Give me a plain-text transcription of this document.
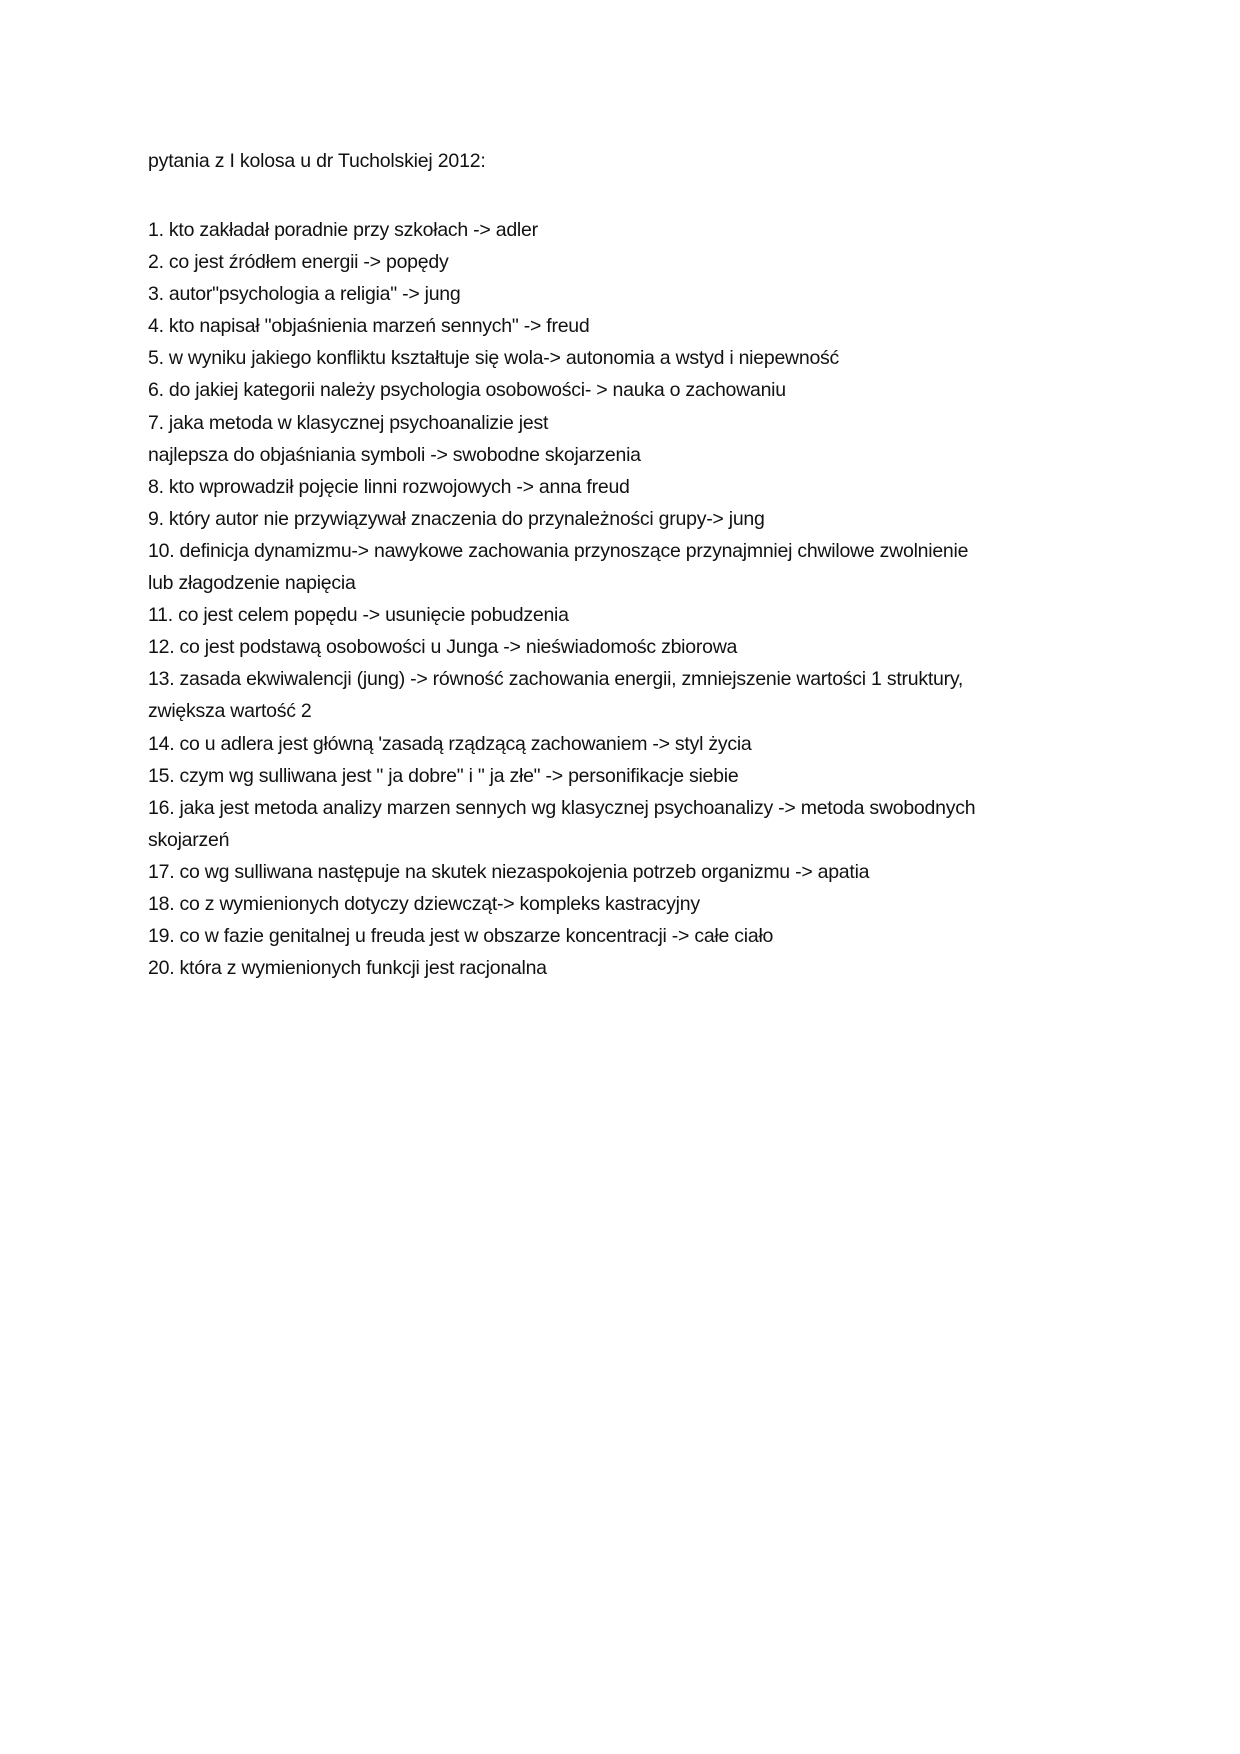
pytania z I kolosa u dr Tucholskiej 2012:
1. kto zakładał poradnie przy szkołach -> adler
2. co jest źródłem energii -> popędy
3. autor"psychologia a religia" -> jung
4. kto napisał "objaśnienia marzeń sennych" -> freud
5. w wyniku jakiego konfliktu kształtuje się wola-> autonomia a wstyd i niepewność
6. do jakiej kategorii należy psychologia osobowości- > nauka o zachowaniu
7. jaka metoda w klasycznej psychoanalizie jest
najlepsza do objaśniania symboli -> swobodne skojarzenia
8. kto wprowadził pojęcie linni rozwojowych -> anna freud
9. który autor nie przywiązywał znaczenia do przynależności grupy-> jung
10. definicja dynamizmu-> nawykowe zachowania przynoszące przynajmniej chwilowe zwolnienie
lub złagodzenie napięcia
11. co jest celem popędu -> usunięcie pobudzenia
12. co jest podstawą osobowości u Junga -> nieświadomośc zbiorowa
13. zasada ekwiwalencji (jung) -> równość zachowania energii, zmniejszenie wartości 1 struktury,
zwiększa wartość 2
14. co u adlera jest główną 'zasadą rządzącą zachowaniem -> styl życia
15. czym wg sulliwana jest " ja dobre" i " ja złe" -> personifikacje siebie
16. jaka jest metoda analizy marzen sennych wg klasycznej psychoanalizy -> metoda swobodnych
skojarzeń
17. co wg sulliwana następuje na skutek niezaspokojenia potrzeb organizmu -> apatia
18. co z wymienionych dotyczy dziewcząt-> kompleks kastracyjny
19. co w fazie genitalnej u freuda jest w obszarze koncentracji -> całe ciało
20. która z wymienionych funkcji jest racjonalna
